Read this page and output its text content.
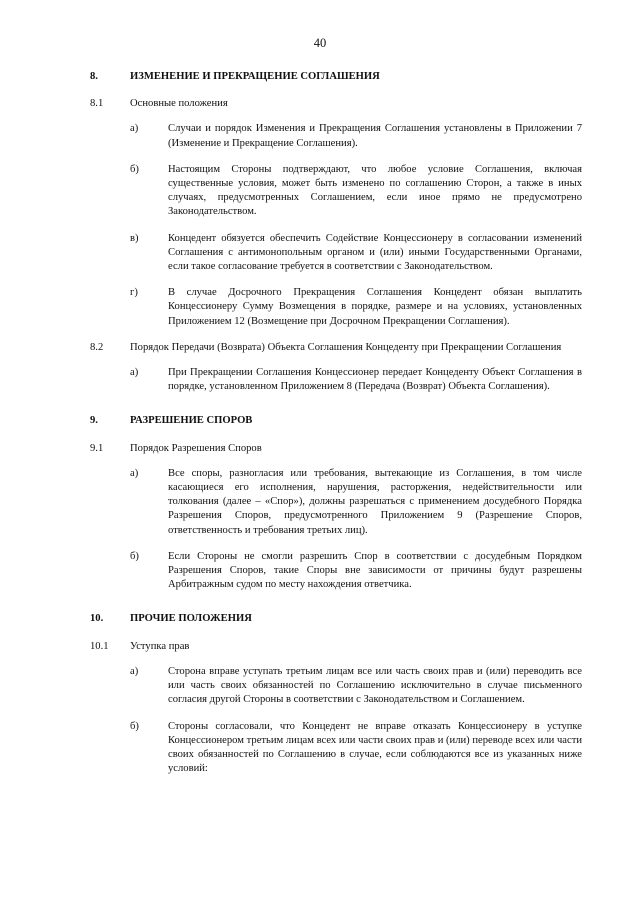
40
8.	ИЗМЕНЕНИЕ И ПРЕКРАЩЕНИЕ СОГЛАШЕНИЯ
8.1	Основные положения
а)	Случаи и порядок Изменения и Прекращения Соглашения установлены в Приложении 7 (Изменение и Прекращение Соглашения).
б)	Настоящим Стороны подтверждают, что любое условие Соглашения, включая существенные условия, может быть изменено по соглашению Сторон, а также в иных случаях, предусмотренных Соглашением, если иное прямо не предусмотрено Законодательством.
в)	Концедент обязуется обеспечить Содействие Концессионеру в согласовании изменений Соглашения с антимонопольным органом и (или) иными Государственными Органами, если такое согласование требуется в соответствии с Законодательством.
г)	В случае Досрочного Прекращения Соглашения Концедент обязан выплатить Концессионеру Сумму Возмещения в порядке, размере и на условиях, установленных Приложением 12 (Возмещение при Досрочном Прекращении Соглашения).
8.2	Порядок Передачи (Возврата) Объекта Соглашения Концеденту при Прекращении Соглашения
а)	При Прекращении Соглашения Концессионер передает Концеденту Объект Соглашения в порядке, установленном Приложением 8 (Передача (Возврат) Объекта Соглашения).
9.	РАЗРЕШЕНИЕ СПОРОВ
9.1	Порядок Разрешения Споров
а)	Все споры, разногласия или требования, вытекающие из Соглашения, в том числе касающиеся его исполнения, нарушения, расторжения, недействительности или толкования (далее – «Спор»), должны разрешаться с применением досудебного Порядка Разрешения Споров, предусмотренного Приложением 9 (Разрешение Споров, ответственность и требования третьих лиц).
б)	Если Стороны не смогли разрешить Спор в соответствии с досудебным Порядком Разрешения Споров, такие Споры вне зависимости от причины будут разрешены Арбитражным судом по месту нахождения ответчика.
10.	ПРОЧИЕ ПОЛОЖЕНИЯ
10.1	Уступка прав
а)	Сторона вправе уступать третьим лицам все или часть своих прав и (или) переводить все или часть своих обязанностей по Соглашению исключительно в случае письменного согласия другой Стороны в соответствии с Законодательством и Соглашением.
б)	Стороны согласовали, что Концедент не вправе отказать Концессионеру в уступке Концессионером третьим лицам всех или части своих прав и (или) переводе всех или части своих обязанностей по Соглашению в случае, если соблюдаются все из указанных ниже условий:
